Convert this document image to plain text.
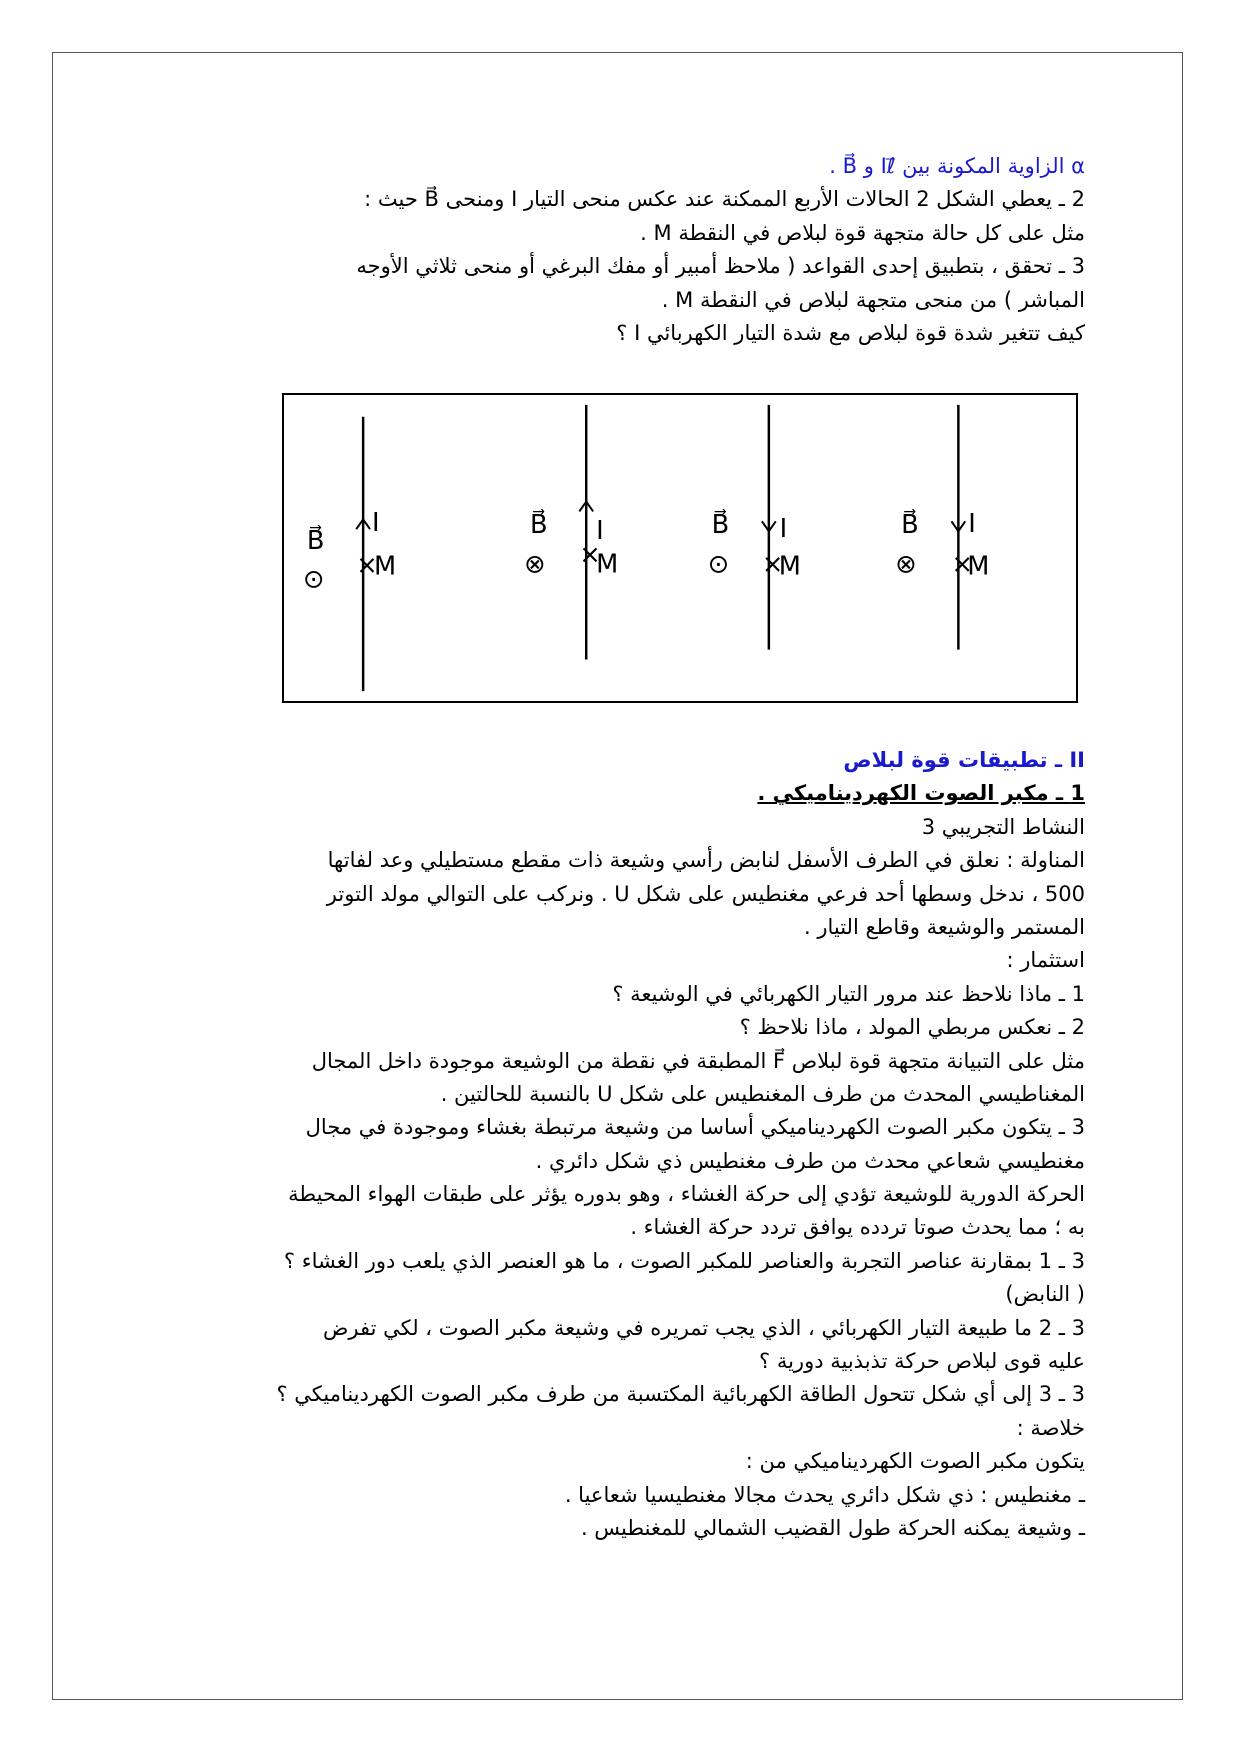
α الزاوية المكونة بين Iℓ⃗ و B⃗ .
2 ـ يعطي الشكل 2 الحالات الأربع الممكنة عند عكس منحى التيار I ومنحى B⃗ حيث :
مثل على كل حالة متجهة قوة لبلاص في النقطة M .
3 ـ تحقق ، بتطبيق إحدى القواعد ( ملاحظ أمبير أو مفك البرغي أو منحى ثلاثي الأوجه
المباشر ) من منحى متجهة لبلاص في النقطة M .
كيف تتغير شدة قوة لبلاص مع شدة التيار الكهربائي I ؟
I
×
M
B⃗
⊙
I
×
M
B⃗
⊗
I
×
M
B⃗
⊙
I
×
M
B⃗
⊗
II ـ تطبيقات قوة لبلاص
1 ـ مكبر الصوت الكهرديناميكي .
النشاط التجريبي 3
المناولة : نعلق في الطرف الأسفل لنابض رأسي وشيعة ذات مقطع مستطيلي وعد لفاتها
500 ، ندخل وسطها أحد فرعي مغنطيس على شكل U . ونركب على التوالي مولد التوتر
المستمر والوشيعة وقاطع التيار .
استثمار :
1 ـ ماذا نلاحظ عند مرور التيار الكهربائي في الوشيعة ؟
2 ـ نعكس مربطي المولد ، ماذا نلاحظ ؟
مثل على التبيانة متجهة قوة لبلاص F⃗ المطبقة في نقطة من الوشيعة موجودة داخل المجال
المغناطيسي المحدث من طرف المغنطيس على شكل U بالنسبة للحالتين .
3 ـ يتكون مكبر الصوت الكهرديناميكي أساسا من وشيعة مرتبطة بغشاء وموجودة في مجال
مغنطيسي شعاعي محدث من طرف مغنطيس ذي شكل دائري .
الحركة الدورية للوشيعة تؤدي إلى حركة الغشاء ، وهو بدوره يؤثر على طبقات الهواء المحيطة
به ؛ مما يحدث صوتا تردده يوافق تردد حركة الغشاء .
3 ـ 1 بمقارنة عناصر التجربة والعناصر للمكبر الصوت ، ما هو العنصر الذي يلعب دور الغشاء ؟
( النابض)
3 ـ 2 ما طبيعة التيار الكهربائي ، الذي يجب تمريره في وشيعة مكبر الصوت ، لكي تفرض
عليه قوى لبلاص حركة تذبذبية دورية ؟
3 ـ 3 إلى أي شكل تتحول الطاقة الكهربائية المكتسبة من طرف مكبر الصوت الكهرديناميكي ؟
خلاصة :
يتكون مكبر الصوت الكهرديناميكي من :
ـ مغنطيس : ذي شكل دائري يحدث مجالا مغنطيسيا شعاعيا .
ـ وشيعة يمكنه الحركة طول القضيب الشمالي للمغنطيس .
